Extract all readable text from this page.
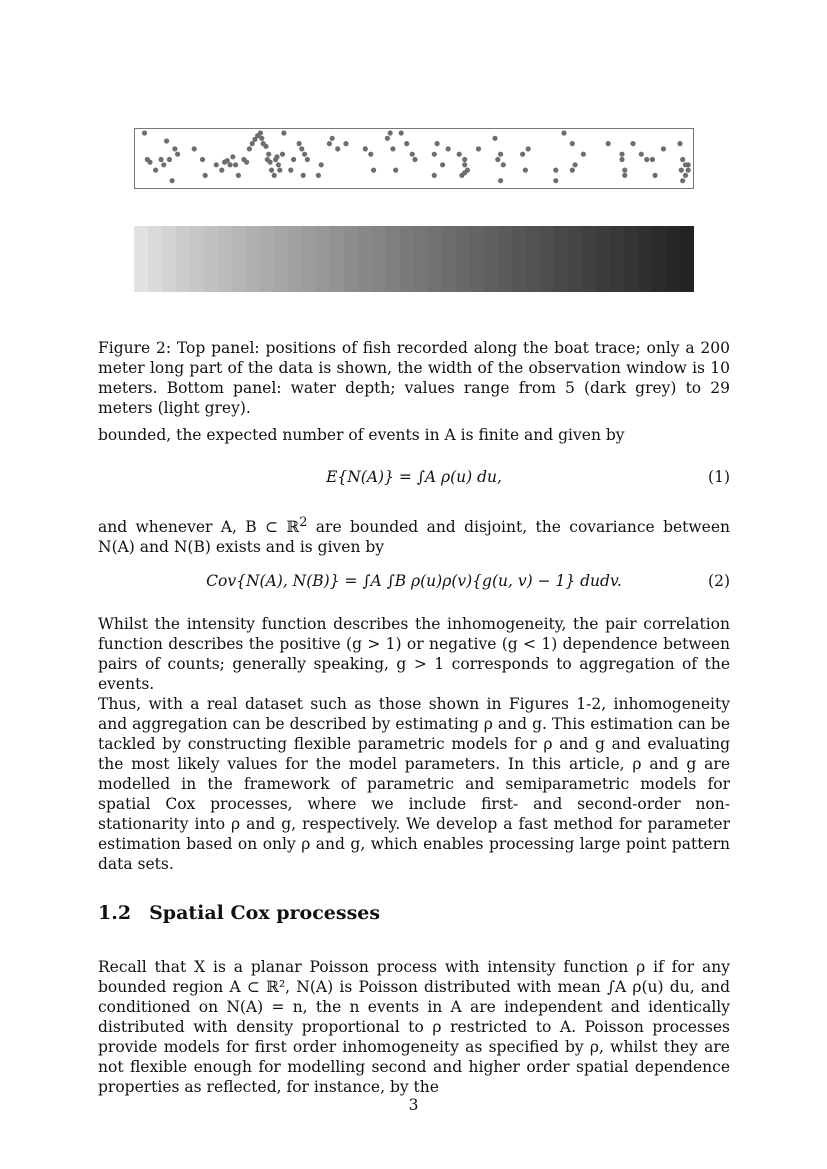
Figure 2: Top panel: positions of fish recorded along the boat trace; only a 200 meter long part of the data is shown, the width of the observation window is 10 meters. Bottom panel: water depth; values range from 5 (dark grey) to 29 meters (light grey).

bounded, the expected number of events in A is finite and given by

E{N(A)} = ∫A ρ(u) du,	(1)

and whenever A, B ⊂ ℝ$^2$ are bounded and disjoint, the covariance between N(A) and N(B) exists and is given by

Cov{N(A), N(B)} = ∫A ∫B ρ(u)ρ(v){g(u, v) − 1} dudv.	(2)

Whilst the intensity function describes the inhomogeneity, the pair correlation function describes the positive (g > 1) or negative (g < 1) dependence between pairs of counts; generally speaking, g > 1 corresponds to aggregation of the events.

Thus, with a real dataset such as those shown in Figures 1-2, inhomogeneity and aggregation can be described by estimating ρ and g. This estimation can be tackled by constructing flexible parametric models for ρ and g and evaluating the most likely values for the model parameters. In this article, ρ and g are modelled in the framework of parametric and semiparametric models for spatial Cox processes, where we include first- and second-order non-stationarity into ρ and g, respectively. We develop a fast method for parameter estimation based on only ρ and g, which enables processing large point pattern data sets.

1.2 Spatial Cox processes

Recall that X is a planar Poisson process with intensity function ρ if for any bounded region A ⊂ ℝ², N(A) is Poisson distributed with mean ∫A ρ(u) du, and conditioned on N(A) = n, the n events in A are independent and identically distributed with density proportional to ρ restricted to A. Poisson processes provide models for first order inhomogeneity as specified by ρ, whilst they are not flexible enough for modelling second and higher order spatial dependence properties as reflected, for instance, by the

3
